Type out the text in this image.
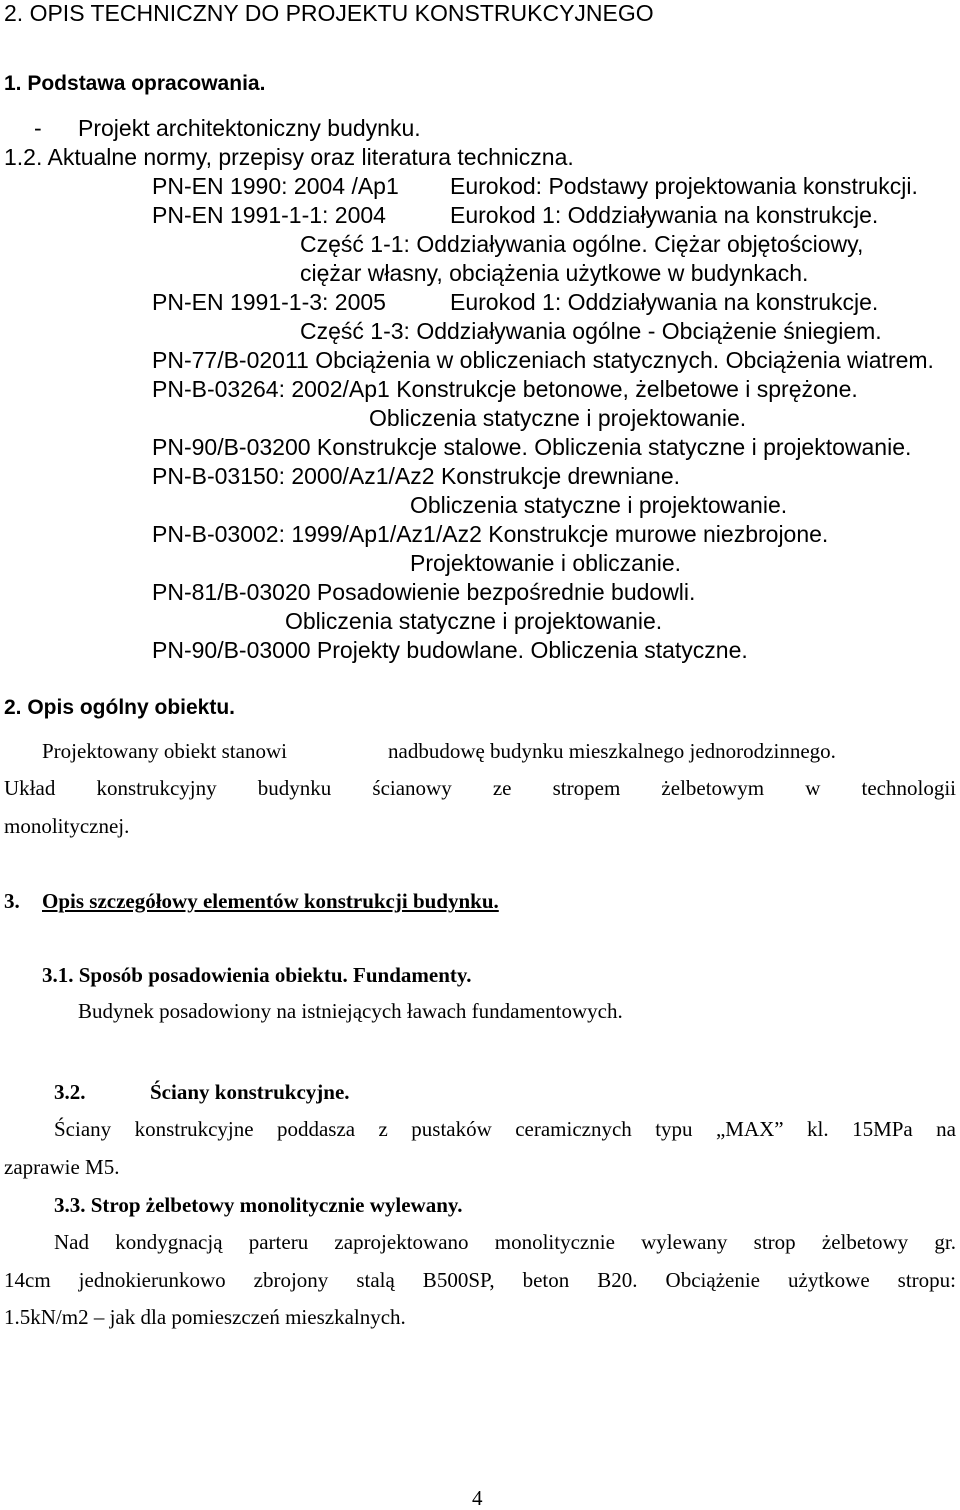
2. OPIS TECHNICZNY DO PROJEKTU KONSTRUKCYJNEGO
1. Podstawa opracowania.
- Projekt architektoniczny budynku.
1.2. Aktualne normy, przepisy oraz literatura techniczna.
PN-EN 1990: 2004 /Ap1 Eurokod: Podstawy projektowania konstrukcji.
PN-EN 1991-1-1: 2004	Eurokod 1: Oddziaływania na konstrukcje.
Część 1-1: Oddziaływania ogólne. Ciężar objętościowy,
ciężar własny, obciążenia użytkowe w budynkach.
PN-EN 1991-1-3: 2005	Eurokod 1: Oddziaływania na konstrukcje.
Część 1-3: Oddziaływania ogólne - Obciążenie śniegiem.
PN-77/B-02011 Obciążenia w obliczeniach statycznych. Obciążenia wiatrem.
PN-B-03264: 2002/Ap1 Konstrukcje betonowe, żelbetowe i sprężone.
Obliczenia statyczne i projektowanie.
PN-90/B-03200 Konstrukcje stalowe. Obliczenia statyczne i projektowanie.
PN-B-03150: 2000/Az1/Az2 Konstrukcje drewniane.
Obliczenia statyczne i projektowanie.
PN-B-03002: 1999/Ap1/Az1/Az2 Konstrukcje murowe niezbrojone.
Projektowanie i obliczanie.
PN-81/B-03020 Posadowienie bezpośrednie budowli.
Obliczenia statyczne i projektowanie.
PN-90/B-03000 Projekty budowlane. Obliczenia statyczne.
2. Opis ogólny obiektu.
Projektowany obiekt stanowi	nadbudowę budynku mieszkalnego jednorodzinnego.
Układ konstrukcyjny budynku ścianowy ze stropem żelbetowym w technologii
monolitycznej.
3. Opis szczegółowy elementów konstrukcji budynku.
3.1. Sposób posadowienia obiektu. Fundamenty.
Budynek posadowiony na istniejących ławach fundamentowych.
3.2.	Ściany konstrukcyjne.
Ściany konstrukcyjne poddasza z pustaków ceramicznych typu „MAX” kl. 15MPa na
zaprawie M5.
3.3. Strop żelbetowy monolitycznie wylewany.
Nad kondygnacją parteru zaprojektowano monolitycznie wylewany strop żelbetowy gr.
14cm jednokierunkowo zbrojony stalą B500SP, beton B20. Obciążenie użytkowe stropu:
1.5kN/m2 – jak dla pomieszczeń mieszkalnych.
4
